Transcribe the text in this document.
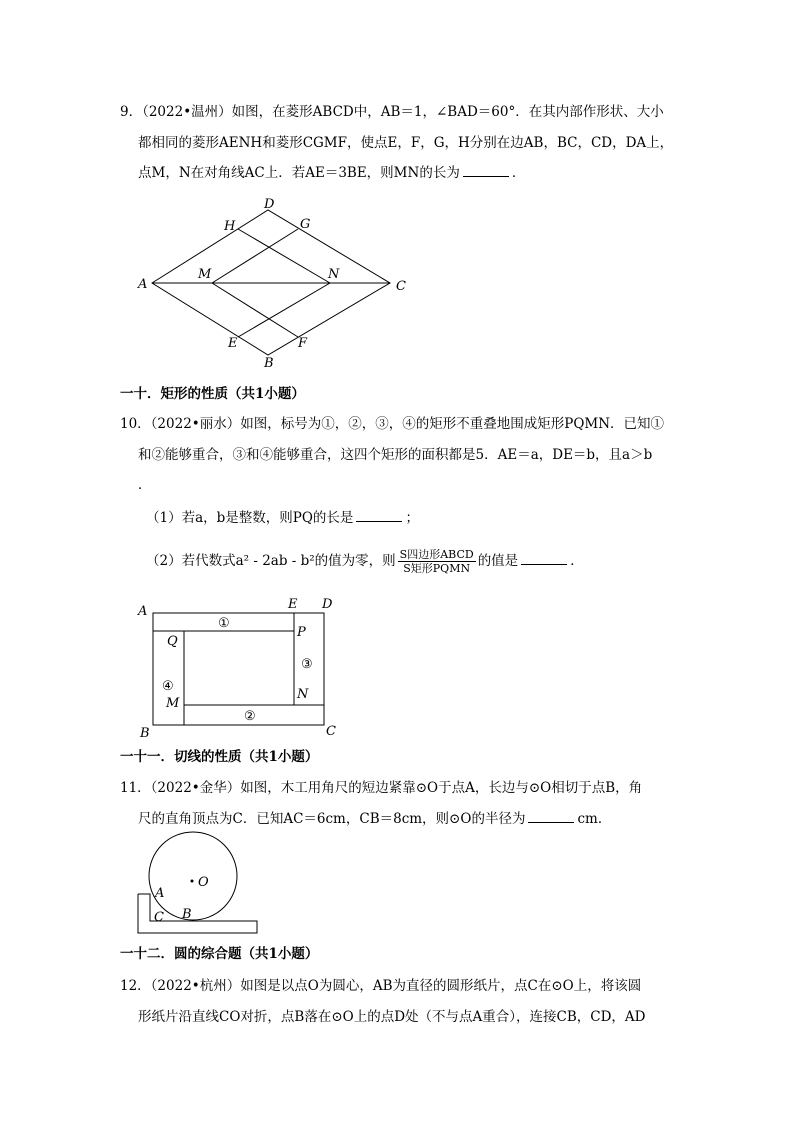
9．（2022•温州）如图，在菱形ABCD中，AB＝1，∠BAD＝60°．在其内部作形状、大小
都相同的菱形AENH和菱形CGMF，使点E，F，G，H分别在边AB，BC，CD，DA上，
点M，N在对角线AC上．若AE＝3BE，则MN的长为	．
A
B
C
D
E	F
G
H
M	N
一十．矩形的性质（共1小题）
10．（2022•丽水）如图，标号为①，②，③，④的矩形不重叠地围成矩形PQMN．已知①
和②能够重合，③和④能够重合，这四个矩形的面积都是5．AE＝a，DE＝b，且a＞b
．
（1）若a，b是整数，则PQ的长是	；
（2）若代数式a² - 2ab - b²的值为零，则 $\frac{\text{S四边形ABCD}}{\text{S矩形PQMN}}$ 的值是	．
A
B	C
D
E
P
Q
M
N
①
②
③
④
一十一．切线的性质（共1小题）
11．（2022•金华）如图，木工用角尺的短边紧靠⊙O于点A，长边与⊙O相切于点B，角
尺的直角顶点为C．已知AC＝6cm，CB＝8cm，则⊙O的半径为	cm．
O
A
B
C
一十二．圆的综合题（共1小题）
12．（2022•杭州）如图是以点O为圆心，AB为直径的圆形纸片，点C在⊙O上，将该圆
形纸片沿直线CO对折，点B落在⊙O上的点D处（不与点A重合），连接CB，CD，AD
